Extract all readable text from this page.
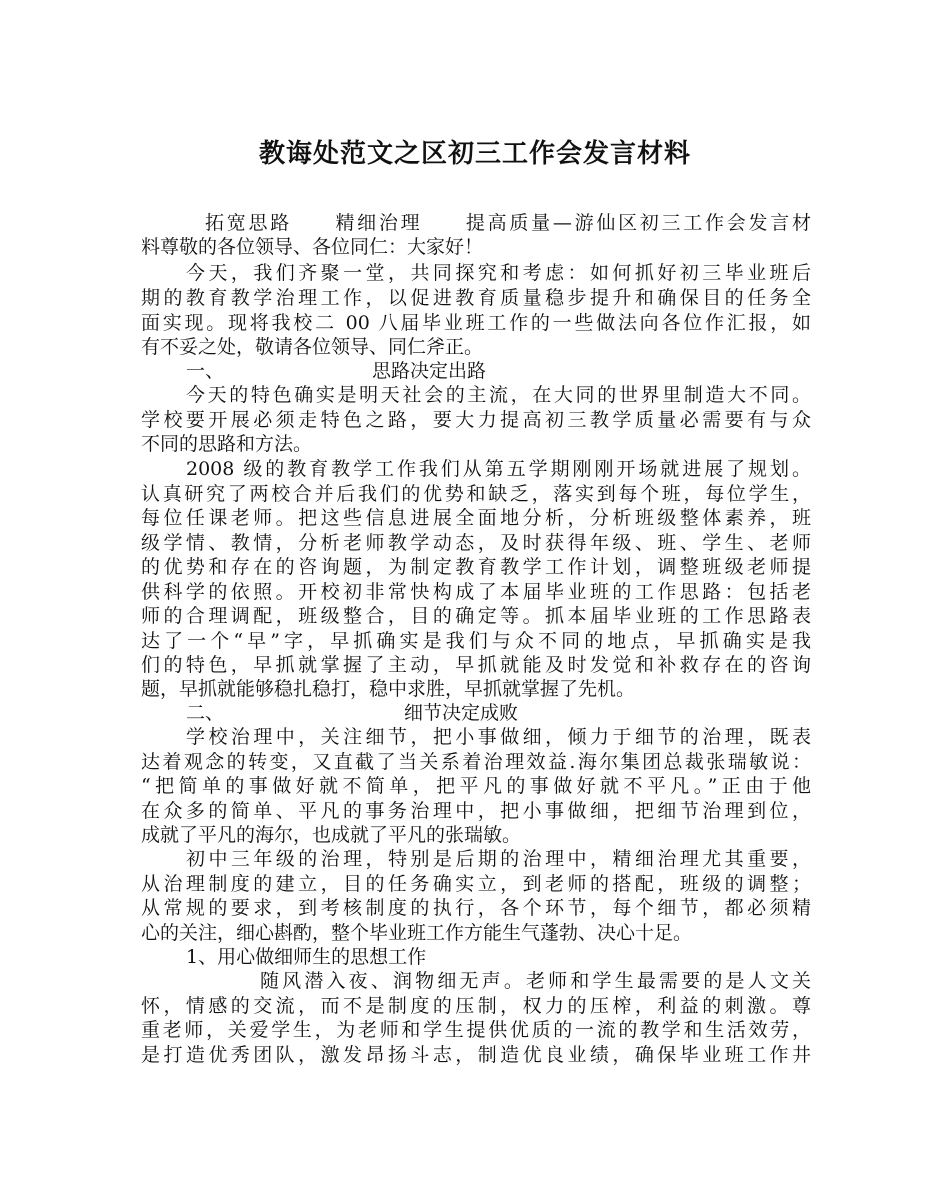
教诲处范文之区初三工作会发言材料
拓宽思路　　精细治理　　提高质量—游仙区初三工作会发言材
料尊敬的各位领导、各位同仁：大家好！
今天，我们齐聚一堂，共同探究和考虑：如何抓好初三毕业班后
期的教育教学治理工作，以促进教育质量稳步提升和确保目的任务全
面实现。现将我校二 00 八届毕业班工作的一些做法向各位作汇报，如
有不妥之处，敬请各位领导、同仁斧正。
一、	思路决定出路
今天的特色确实是明天社会的主流，在大同的世界里制造大不同。
学校要开展必须走特色之路，要大力提高初三教学质量必需要有与众
不同的思路和方法。
2008 级的教育教学工作我们从第五学期刚刚开场就进展了规划。
认真研究了两校合并后我们的优势和缺乏，落实到每个班，每位学生，
每位任课老师。把这些信息进展全面地分析，分析班级整体素养，班
级学情、教情，分析老师教学动态，及时获得年级、班、学生、老师
的优势和存在的咨询题，为制定教育教学工作计划，调整班级老师提
供科学的依照。开校初非常快构成了本届毕业班的工作思路：包括老
师的合理调配，班级整合，目的确定等。抓本届毕业班的工作思路表
达了一个“早”字，早抓确实是我们与众不同的地点，早抓确实是我
们的特色，早抓就掌握了主动，早抓就能及时发觉和补救存在的咨询
题，早抓就能够稳扎稳打，稳中求胜，早抓就掌握了先机。
二、	细节决定成败
学校治理中，关注细节，把小事做细，倾力于细节的治理，既表
达着观念的转变，又直截了当关系着治理效益.海尔集团总裁张瑞敏说：
“把简单的事做好就不简单，把平凡的事做好就不平凡。”正由于他
在众多的简单、平凡的事务治理中，把小事做细，把细节治理到位，
成就了平凡的海尔，也成就了平凡的张瑞敏。
初中三年级的治理，特别是后期的治理中，精细治理尤其重要，
从治理制度的建立，目的任务确实立，到老师的搭配，班级的调整；
从常规的要求，到考核制度的执行，各个环节，每个细节，都必须精
心的关注，细心斟酌，整个毕业班工作方能生气蓬勃、决心十足。
1、用心做细师生的思想工作
随风潜入夜、润物细无声。老师和学生最需要的是人文关
怀，情感的交流，而不是制度的压制，权力的压榨，利益的刺激。尊
重老师，关爱学生，为老师和学生提供优质的一流的教学和生活效劳，
是打造优秀团队，激发昂扬斗志，制造优良业绩，确保毕业班工作井
